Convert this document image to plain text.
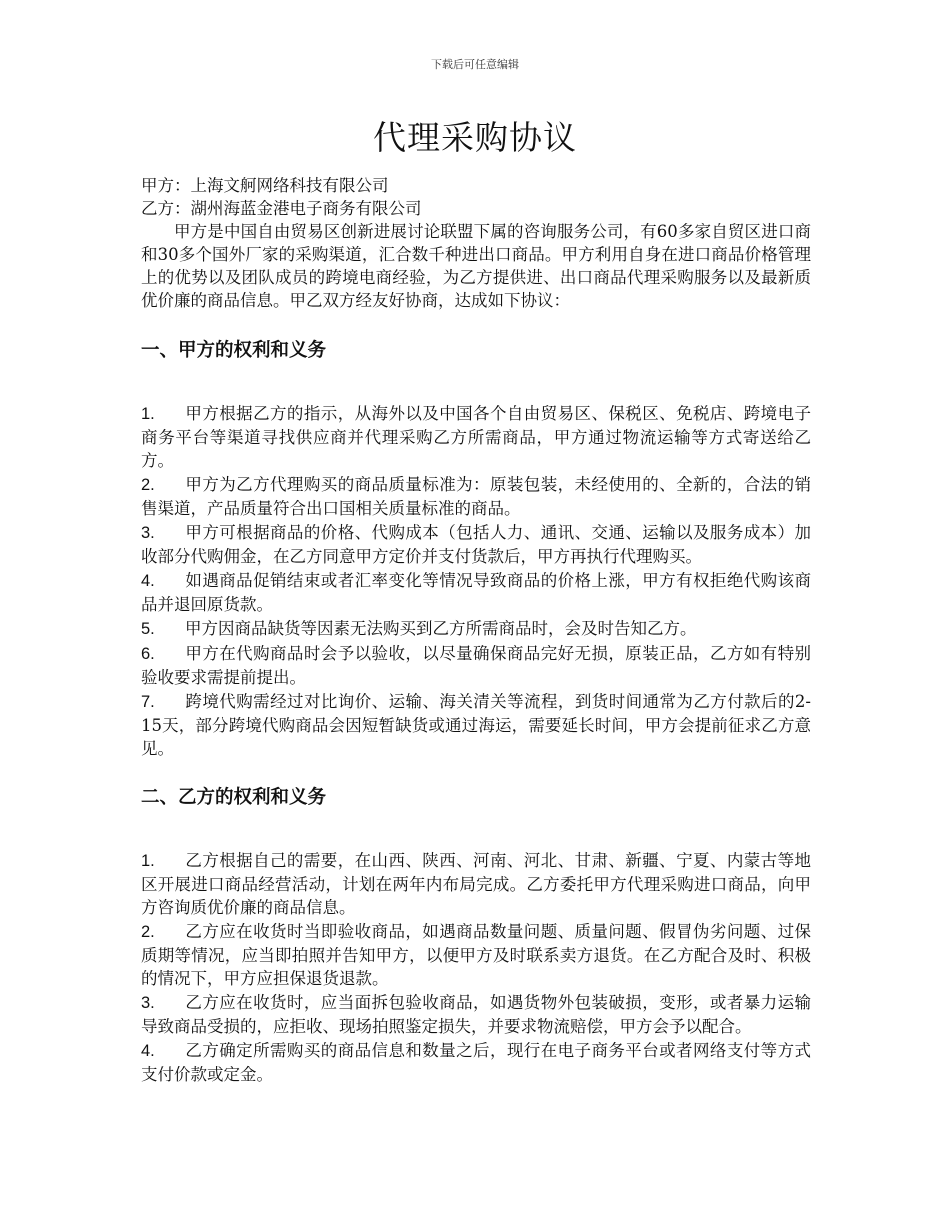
下载后可任意编辑
代理采购协议

甲方：上海文舸网络科技有限公司

乙方：湖州海蓝金港电子商务有限公司

甲方是中国自由贸易区创新进展讨论联盟下属的咨询服务公司，有60多家自贸区进口商和30多个国外厂家的采购渠道，汇合数千种进出口商品。甲方利用自身在进口商品价格管理上的优势以及团队成员的跨境电商经验，为乙方提供进、出口商品代理采购服务以及最新质优价廉的商品信息。甲乙双方经友好协商，达成如下协议：

一、甲方的权利和义务
1. 甲方根据乙方的指示，从海外以及中国各个自由贸易区、保税区、免税店、跨境电子商务平台等渠道寻找供应商并代理采购乙方所需商品，甲方通过物流运输等方式寄送给乙方。
2. 甲方为乙方代理购买的商品质量标准为：原装包装，未经使用的、全新的，合法的销售渠道，产品质量符合出口国相关质量标准的商品。
3. 甲方可根据商品的价格、代购成本（包括人力、通讯、交通、运输以及服务成本）加收部分代购佣金，在乙方同意甲方定价并支付货款后，甲方再执行代理购买。
4. 如遇商品促销结束或者汇率变化等情况导致商品的价格上涨，甲方有权拒绝代购该商品并退回原货款。
5. 甲方因商品缺货等因素无法购买到乙方所需商品时，会及时告知乙方。
6. 甲方在代购商品时会予以验收，以尽量确保商品完好无损，原装正品，乙方如有特别验收要求需提前提出。
7. 跨境代购需经过对比询价、运输、海关清关等流程，到货时间通常为乙方付款后的2-15天，部分跨境代购商品会因短暂缺货或通过海运，需要延长时间，甲方会提前征求乙方意见。
二、乙方的权利和义务
1. 乙方根据自己的需要，在山西、陕西、河南、河北、甘肃、新疆、宁夏、内蒙古等地区开展进口商品经营活动，计划在两年内布局完成。乙方委托甲方代理采购进口商品，向甲方咨询质优价廉的商品信息。
2. 乙方应在收货时当即验收商品，如遇商品数量问题、质量问题、假冒伪劣问题、过保质期等情况，应当即拍照并告知甲方，以便甲方及时联系卖方退货。在乙方配合及时、积极的情况下，甲方应担保退货退款。
3. 乙方应在收货时，应当面拆包验收商品，如遇货物外包装破损，变形，或者暴力运输导致商品受损的，应拒收、现场拍照鉴定损失，并要求物流赔偿，甲方会予以配合。
4. 乙方确定所需购买的商品信息和数量之后，现行在电子商务平台或者网络支付等方式支付价款或定金。
